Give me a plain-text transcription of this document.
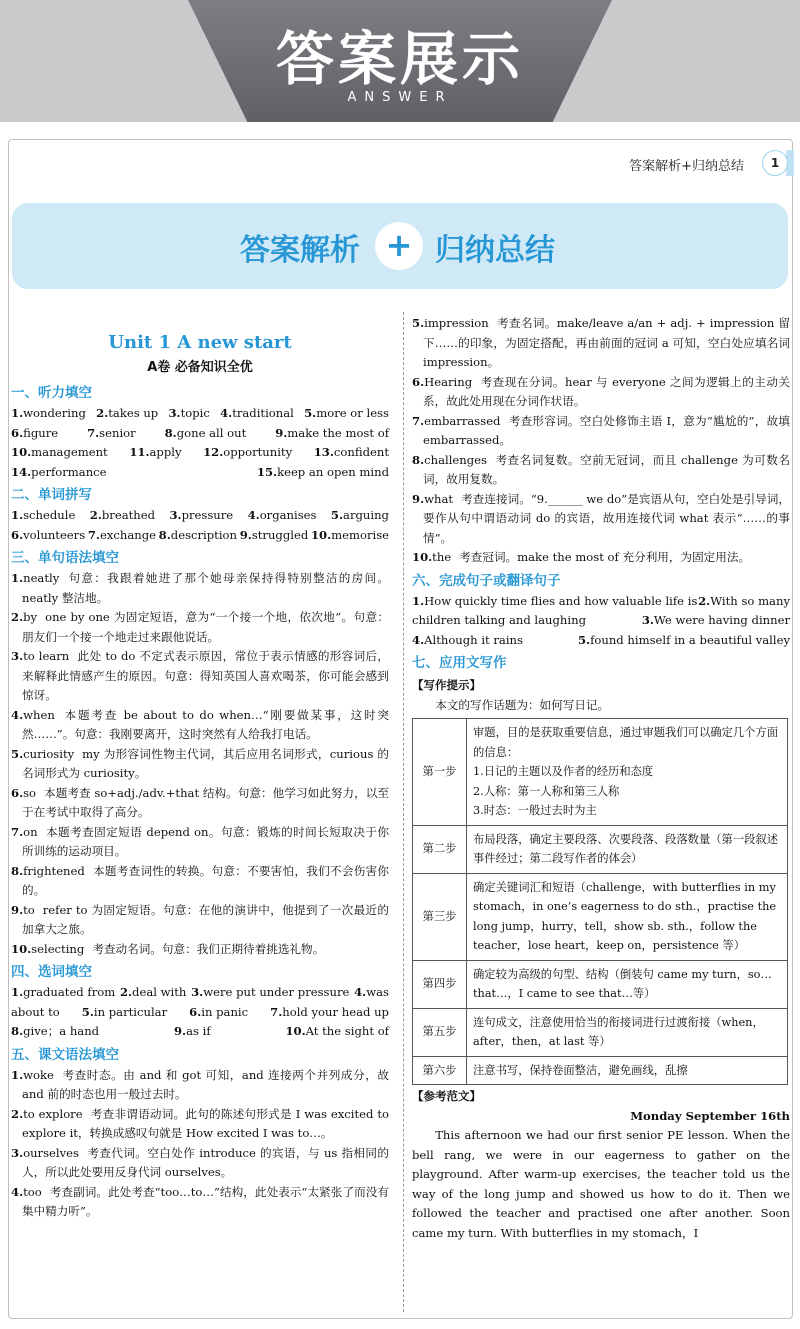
答案展示
ANSWER
答案解析+归纳总结	1
答案解析 + 归纳总结
Unit 1 A new start
A卷 必备知识全优
一、听力填空
1.wondering 2.takes up 3.topic 4.traditional 5.more or less
6.figure 7.senior 8.gone all out 9.make the most of
10.management 11.apply 12.opportunity 13.confident
14.performance	15.keep an open mind
二、单词拼写
1.schedule 2.breathed 3.pressure 4.organises 5.arguing
6.volunteers 7.exchange 8.description 9.struggled 10.memorise
三、单句语法填空
1.neatly 句意：我跟着她进了那个她母亲保持得特别整洁的房间。neatly 整洁地。
2.by one by one 为固定短语，意为“一个接一个地，依次地”。句意：朋友们一个接一个地走过来跟他说话。
3.to learn 此处 to do 不定式表示原因，常位于表示情感的形容词后，来解释此情感产生的原因。句意：得知英国人喜欢喝茶，你可能会感到惊讶。
4.when 本题考查 be about to do when…“刚要做某事，这时突然……”。句意：我刚要离开，这时突然有人给我打电话。
5.curiosity my 为形容词性物主代词，其后应用名词形式，curious 的名词形式为 curiosity。
6.so 本题考查 so+adj./adv.+that 结构。句意：他学习如此努力，以至于在考试中取得了高分。
7.on 本题考查固定短语 depend on。句意：锻炼的时间长短取决于你所训练的运动项目。
8.frightened 本题考查词性的转换。句意：不要害怕，我们不会伤害你的。
9.to refer to 为固定短语。句意：在他的演讲中，他提到了一次最近的加拿大之旅。
10.selecting 考查动名词。句意：我们正期待着挑选礼物。
四、选词填空
1.graduated from 2.deal with 3.were put under pressure 4.was
about to 5.in particular 6.in panic 7.hold your head up
8.give；a hand	9.as if	10.At the sight of
五、课文语法填空
1.woke 考查时态。由 and 和 got 可知，and 连接两个并列成分，故 and 前的时态也用一般过去时。
2.to explore 考查非谓语动词。此句的陈述句形式是 I was excited to explore it，转换成感叹句就是 How excited I was to…。
3.ourselves 考查代词。空白处作 introduce 的宾语，与 us 指相同的人，所以此处要用反身代词 ourselves。
4.too 考查副词。此处考查“too…to…”结构，此处表示“太紧张了而没有集中精力听”。
5.impression 考查名词。make/leave a/an + adj. + impression 留下……的印象，为固定搭配，再由前面的冠词 a 可知，空白处应填名词 impression。
6.Hearing 考查现在分词。hear 与 everyone 之间为逻辑上的主动关系，故此处用现在分词作状语。
7.embarrassed 考查形容词。空白处修饰主语 I，意为“尴尬的”，故填 embarrassed。
8.challenges 考查名词复数。空前无冠词，而且 challenge 为可数名词，故用复数。
9.what 考查连接词。“9.______ we do”是宾语从句，空白处是引导词，要作从句中谓语动词 do 的宾语，故用连接代词 what 表示“……的事情”。
10.the 考查冠词。make the most of 充分利用，为固定用法。
六、完成句子或翻译句子
1.How quickly time flies and how valuable life is 2.With so many
children talking and laughing	3.We were having dinner
4.Although it rains	5.found himself in a beautiful valley
七、应用文写作
【写作提示】
本文的写作话题为：如何写日记。
第一步	审题，目的是获取重要信息，通过审题我们可以确定几个方面的信息：
1.日记的主题以及作者的经历和态度
2.人称：第一人称和第三人称
3.时态：一般过去时为主

第二步	布局段落，确定主要段落、次要段落、段落数量（第一段叙述事件经过；第二段写作者的体会）

第三步	确定关键词汇和短语（challenge，with butterflies in my stomach，in one’s eagerness to do sth.，practise the long jump，hurry，tell，show sb. sth.，follow the teacher，lose heart，keep on，persistence 等）

第四步	确定较为高级的句型、结构（倒装句 came my turn，so…that…，I came to see that…等）

第五步	连句成文，注意使用恰当的衔接词进行过渡衔接（when，after，then，at last 等）

第六步	注意书写，保持卷面整洁，避免画线，乱擦
【参考范文】
Monday September 16th
This afternoon we had our first senior PE lesson. When the bell rang, we were in our eagerness to gather on the playground. After warm-up exercises, the teacher told us the way of the long jump and showed us how to do it. Then we followed the teacher and practised one after another. Soon came my turn. With butterflies in my stomach，I
